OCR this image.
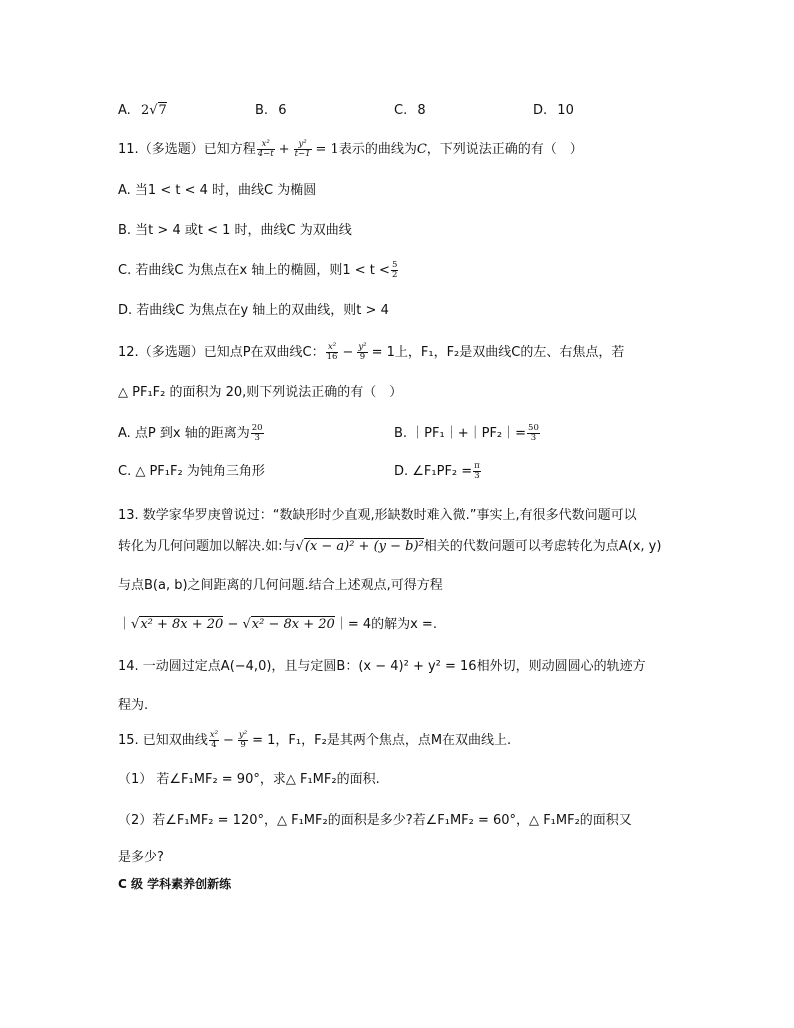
A. 2√7	B. 6	C. 8	D. 10
11.（多选题）已知方程 $\frac{\text{x²}}{4-t} + \frac{\text{y²}}{t-1} = 1$表示的曲线为C，下列说法正确的有（　）
A. 当1 < t < 4 时，曲线C 为椭圆
B. 当t > 4 或t < 1 时，曲线C 为双曲线
C. 若曲线C 为焦点在x 轴上的椭圆，则$1 < t < \frac{5}{2}$
D. 若曲线C 为焦点在y 轴上的双曲线，则t > 4
12.（多选题）已知点P在双曲线C： $\frac{\text{x²}}{16} - \frac{\text{y²}}{9} = 1$上，F₁，F₂是双曲线C的左、右焦点，若
△ PF₁F₂ 的面积为 20,则下列说法正确的有（　）
A. 点P 到x 轴的距离为 $\frac{20}{3}$	B. ｜PF₁｜+｜PF₂｜= $\frac{50}{3}$
C. △ PF₁F₂ 为钝角三角形	D. ∠F₁PF₂ = $\frac{\pi}{3}$
13. 数学家华罗庚曾说过：“数缺形时少直观,形缺数时难入微.”事实上,有很多代数问题可以
转化为几何问题加以解决.如:与√(x − a)² + (y − b)²相关的代数问题可以考虑转化为点A(x, y)
与点B(a, b)之间距离的几何问题.结合上述观点,可得方程
｜√x² + 8x + 20 − √x² − 8x + 20｜= 4的解为x =.
14. 一动圆过定点A(−4,0)，且与定圆B：(x − 4)² + y² = 16相外切，则动圆圆心的轨迹方
程为.
15. 已知双曲线 $\frac{\text{x²}}{4} - \frac{\text{y²}}{9} = 1$，F₁，F₂是其两个焦点，点M在双曲线上.
（1） 若∠F₁MF₂ = 90°，求△ F₁MF₂的面积.
（2）若∠F₁MF₂ = 120°，△ F₁MF₂的面积是多少?若∠F₁MF₂ = 60°，△ F₁MF₂的面积又
是多少?
C 级 学科素养创新练
